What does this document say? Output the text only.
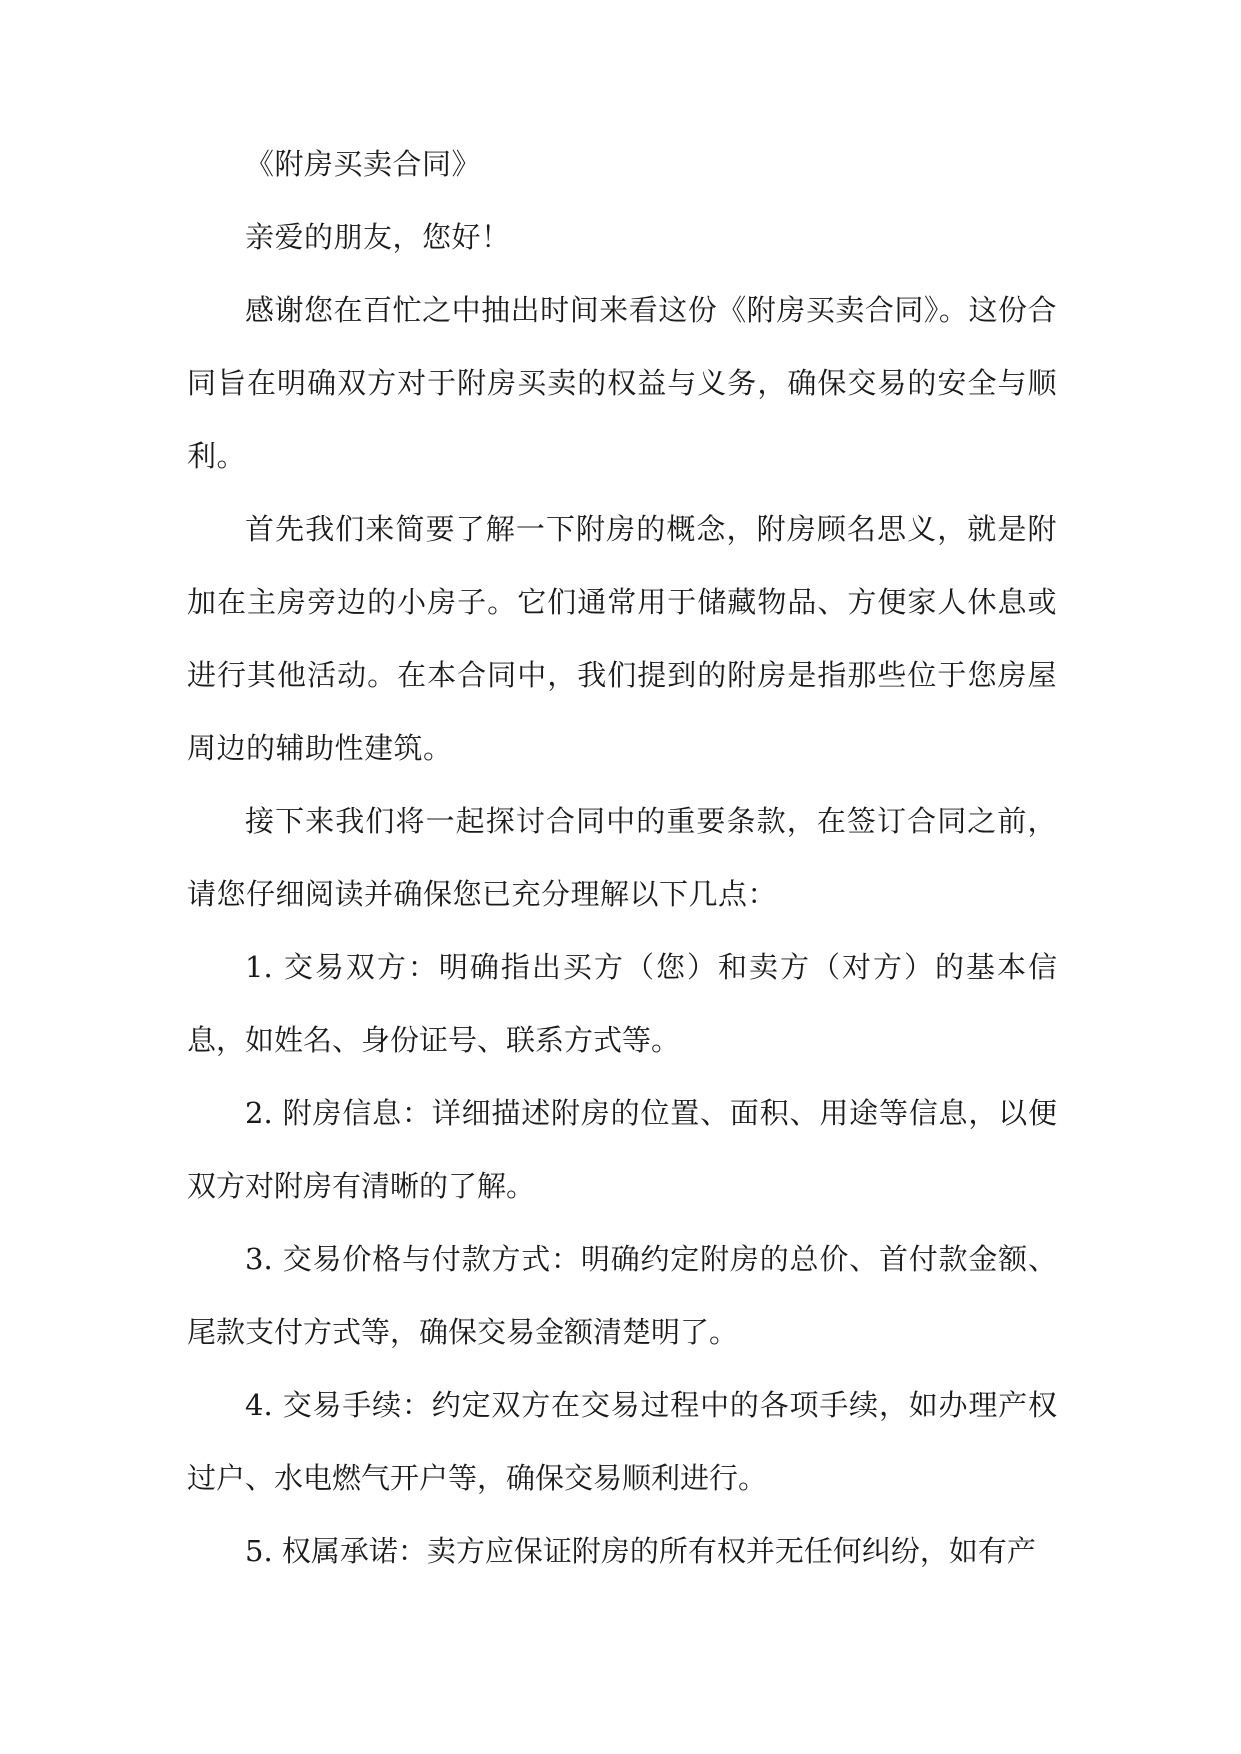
《附房买卖合同》

亲爱的朋友，您好！

感谢您在百忙之中抽出时间来看这份《附房买卖合同》。这份合同旨在明确双方对于附房买卖的权益与义务，确保交易的安全与顺利。

首先我们来简要了解一下附房的概念，附房顾名思义，就是附加在主房旁边的小房子。它们通常用于储藏物品、方便家人休息或进行其他活动。在本合同中，我们提到的附房是指那些位于您房屋周边的辅助性建筑。

接下来我们将一起探讨合同中的重要条款，在签订合同之前，请您仔细阅读并确保您已充分理解以下几点：

1. 交易双方：明确指出买方（您）和卖方（对方）的基本信息，如姓名、身份证号、联系方式等。

2. 附房信息：详细描述附房的位置、面积、用途等信息，以便双方对附房有清晰的了解。

3. 交易价格与付款方式：明确约定附房的总价、首付款金额、尾款支付方式等，确保交易金额清楚明了。

4. 交易手续：约定双方在交易过程中的各项手续，如办理产权过户、水电燃气开户等，确保交易顺利进行。

5. 权属承诺：卖方应保证附房的所有权并无任何纠纷，如有产
